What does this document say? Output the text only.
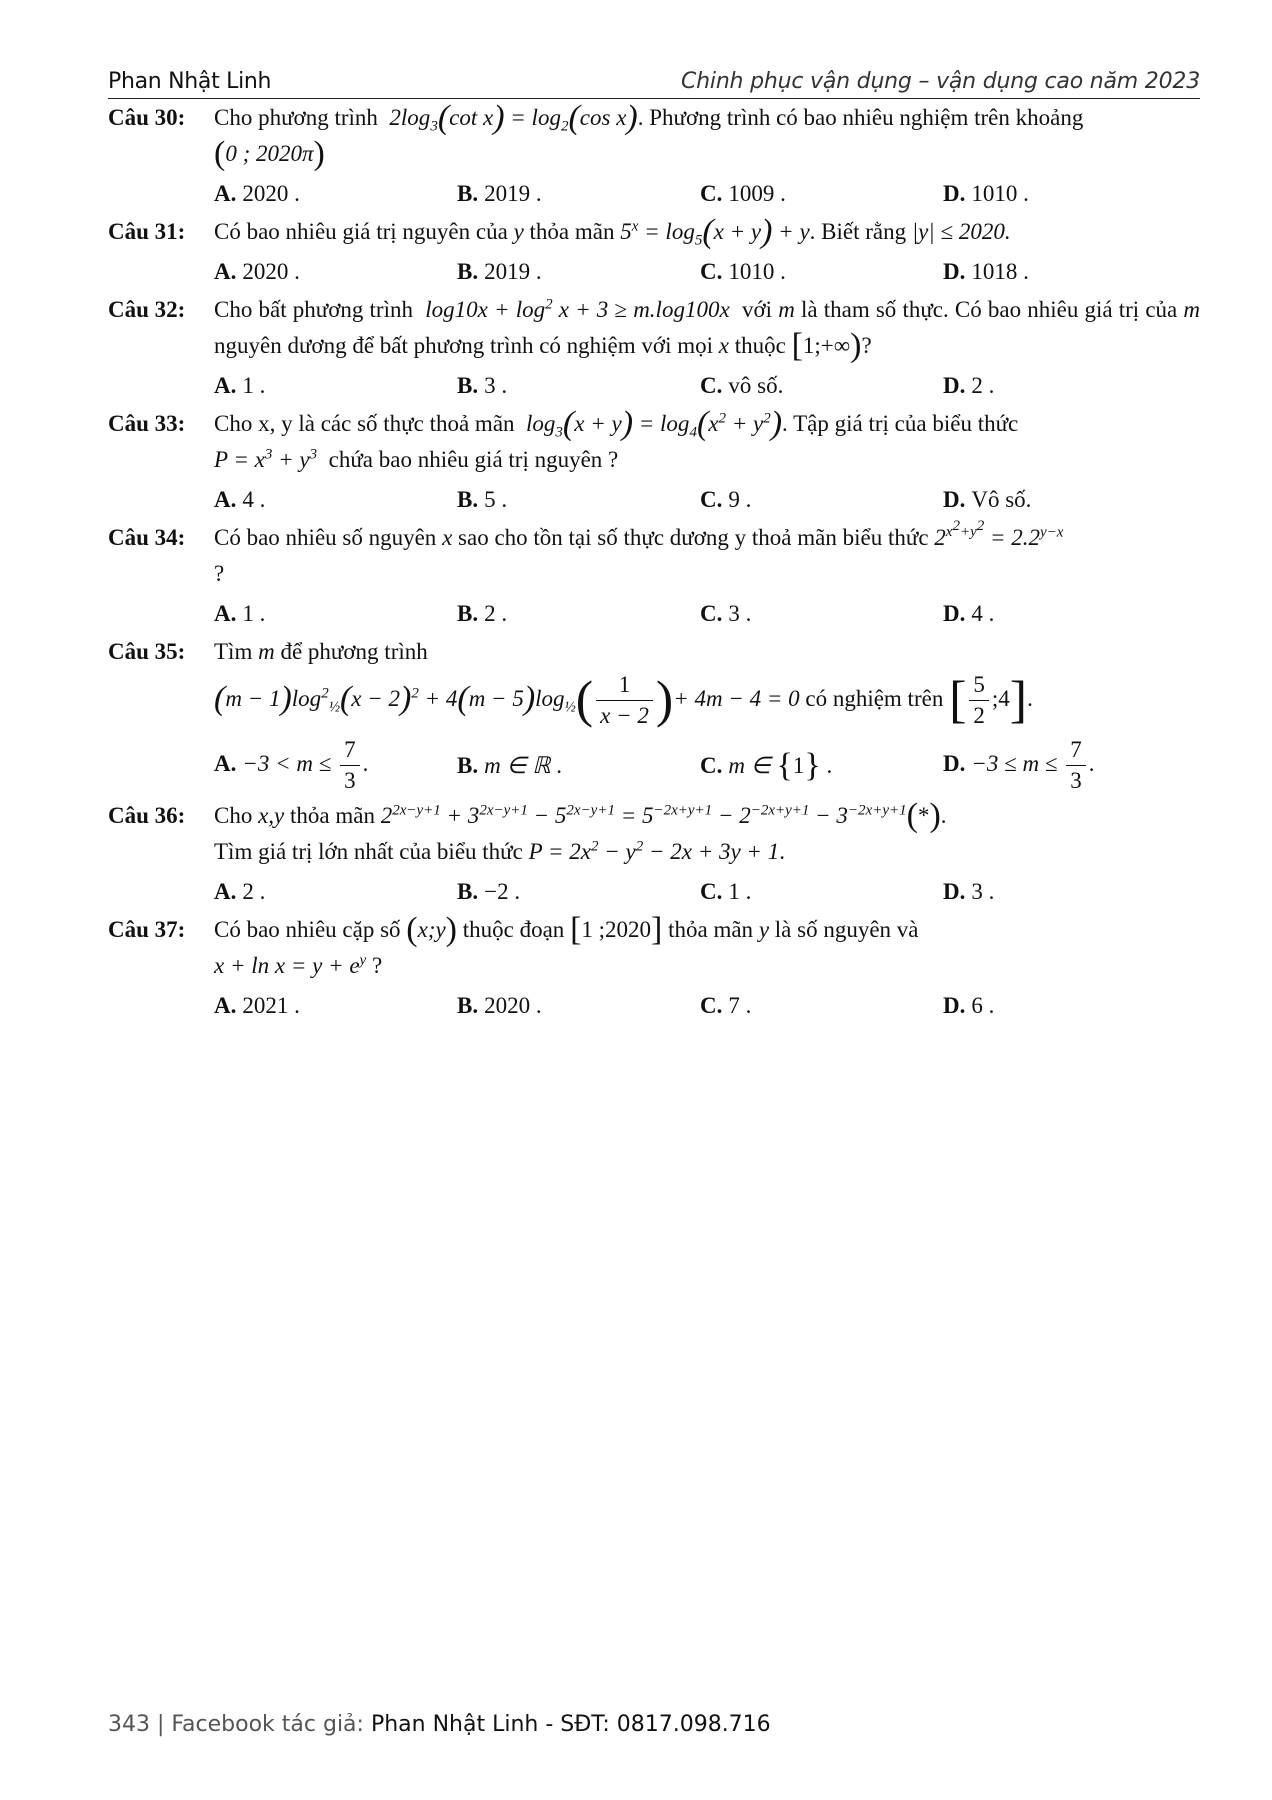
Phan Nhật Linh	Chinh phục vận dụng – vận dụng cao năm 2023
Câu 30: Cho phương trình $2\log_3(\cot$ $x) = \log_2(\cos$ x). Phương trình có bao nhiêu nghiệm trên khoảng
(0 ; 2020π)
A. 2020 .	B. 2019 .	C. 1009 .	D. 1010 .
Câu 31: Có bao nhiêu giá trị nguyên của y thỏa mãn $5^x = \log_5(x + y) + y$. Biết rằng |y| ≤ 2020.
A. 2020 .	B. 2019 .	C. 1010 .	D. 1018 .
Câu 32: Cho bất phương trình $\log 10x + \log^2 x + 3 \ge m.\log 100x$ với m là tham số thực. Có bao nhiêu giá trị của m nguyên dương để bất phương trình có nghiệm với mọi x thuộc [1;+∞)?
A. 1 .	B. 3 .	C. vô số.	D. 2 .
Câu 33: Cho x, y là các số thực thoả mãn $\log_3(x + y) = \log_4(x^2 + y^2)$. Tập giá trị của biểu thức
$P = x^3 + y^3$ chứa bao nhiêu giá trị nguyên ?
A. 4 .	B. 5 .	C. 9 .	D. Vô số.
Câu 34: Có bao nhiêu số nguyên x sao cho tồn tại số thực dương y thoả mãn biểu thức $2^{x^2+y^2} = 2.2^{y-x}$
?
A. 1 .	B. 2 .	C. 3 .	D. 4 .
Câu 35: Tìm m để phương trình
$(m - 1)\log^2_{\frac{1}{2}}(x - 2)^2 + 4(m - 5)\log_{\frac{1}{2}}( \frac{1}{x - 2}$ )+ 4m − 4 = 0 có nghiệm trên [ $\frac{5}{2}$ ;4].
A. $-3 < m \le \frac{7}{3}$ .	B. m ∈ ℝ .	C. m ∈ {1} .	D. $-3 \le m \le \frac{7}{3}$ .
Câu 36: Cho x,y thỏa mãn $2^{2x-y+1} + 3^{2x-y+1} - 5^{2x-y+1} = 5^{-2x+y+1} - 2^{-2x+y+1} - 3^{-2x+y+1}(*)$.
Tìm giá trị lớn nhất của biểu thức $P = 2x^2 - y^2 - 2x + 3y + 1$.
A. 2 .	B. −2 .	C. 1 .	D. 3 .
Câu 37: Có bao nhiêu cặp số (x;y) thuộc đoạn [1 ;2020] thỏa mãn y là số nguyên và
$x + \ln x = y + e^y$ ?
A. 2021 .	B. 2020 .	C. 7 .	D. 6 .
343 | Facebook tác giả: Phan Nhật Linh - SĐT: 0817.098.716
